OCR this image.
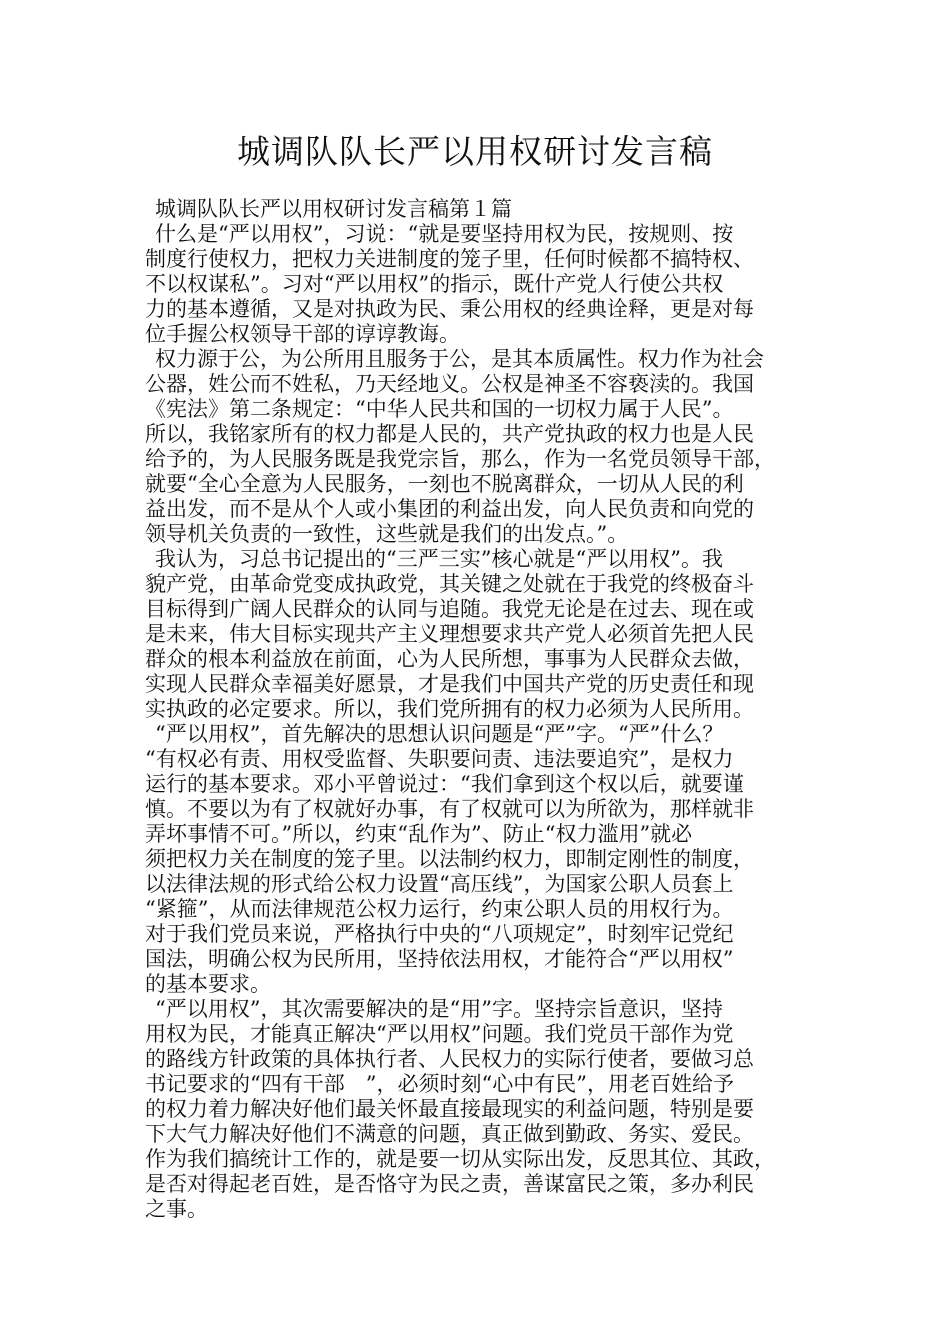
城调队队长严以用权研讨发言稿
城调队队长严以用权研讨发言稿第１篇
什么是“严以用权”，习说：“就是要坚持用权为民，按规则、按
制度行使权力，把权力关进制度的笼子里，任何时候都不搞特权、
不以权谋私”。习对“严以用权”的指示，既什产党人行使公共权
力的基本遵循，又是对执政为民、秉公用权的经典诠释，更是对每
位手握公权领导干部的谆谆教诲。
权力源于公，为公所用且服务于公，是其本质属性。权力作为社会
公器，姓公而不姓私，乃天经地义。公权是神圣不容亵渎的。我国
《宪法》第二条规定：“中华人民共和国的一切权力属于人民”。
所以，我铭家所有的权力都是人民的，共产党执政的权力也是人民
给予的，为人民服务既是我党宗旨，那么，作为一名党员领导干部，
就要“全心全意为人民服务，一刻也不脱离群众，一切从人民的利
益出发，而不是从个人或小集团的利益出发，向人民负责和向党的
领导机关负责的一致性，这些就是我们的出发点。”。
我认为，习总书记提出的“三严三实”核心就是“严以用权”。我
貌产党，由革命党变成执政党，其关键之处就在于我党的终极奋斗
目标得到广阔人民群众的认同与追随。我党无论是在过去、现在或
是未来，伟大目标实现共产主义理想要求共产党人必须首先把人民
群众的根本利益放在前面，心为人民所想，事事为人民群众去做，
实现人民群众幸福美好愿景，才是我们中国共产党的历史责任和现
实执政的必定要求。所以，我们党所拥有的权力必须为人民所用。
“严以用权”，首先解决的思想认识问题是“严”字。“严”什么？
“有权必有责、用权受监督、失职要问责、违法要追究”，是权力
运行的基本要求。邓小平曾说过：“我们拿到这个权以后，就要谨
慎。不要以为有了权就好办事，有了权就可以为所欲为，那样就非
弄坏事情不可。”所以，约束“乱作为”、防止“权力滥用”就必
须把权力关在制度的笼子里。以法制约权力，即制定刚性的制度，
以法律法规的形式给公权力设置“高压线”，为国家公职人员套上
“紧箍”，从而法律规范公权力运行，约束公职人员的用权行为。
对于我们党员来说，严格执行中央的“八项规定”，时刻牢记党纪
国法，明确公权为民所用，坚持依法用权，才能符合“严以用权”
的基本要求。
“严以用权”，其次需要解决的是“用”字。坚持宗旨意识，坚持
用权为民，才能真正解决“严以用权”问题。我们党员干部作为党
的路线方针政策的具体执行者、人民权力的实际行使者，要做习总
书记要求的“四有干部　”，必须时刻“心中有民”，用老百姓给予
的权力着力解决好他们最关怀最直接最现实的利益问题，特别是要
下大气力解决好他们不满意的问题，真正做到勤政、务实、爱民。
作为我们搞统计工作的，就是要一切从实际出发，反思其位、其政，
是否对得起老百姓，是否恪守为民之责，善谋富民之策，多办利民
之事。
